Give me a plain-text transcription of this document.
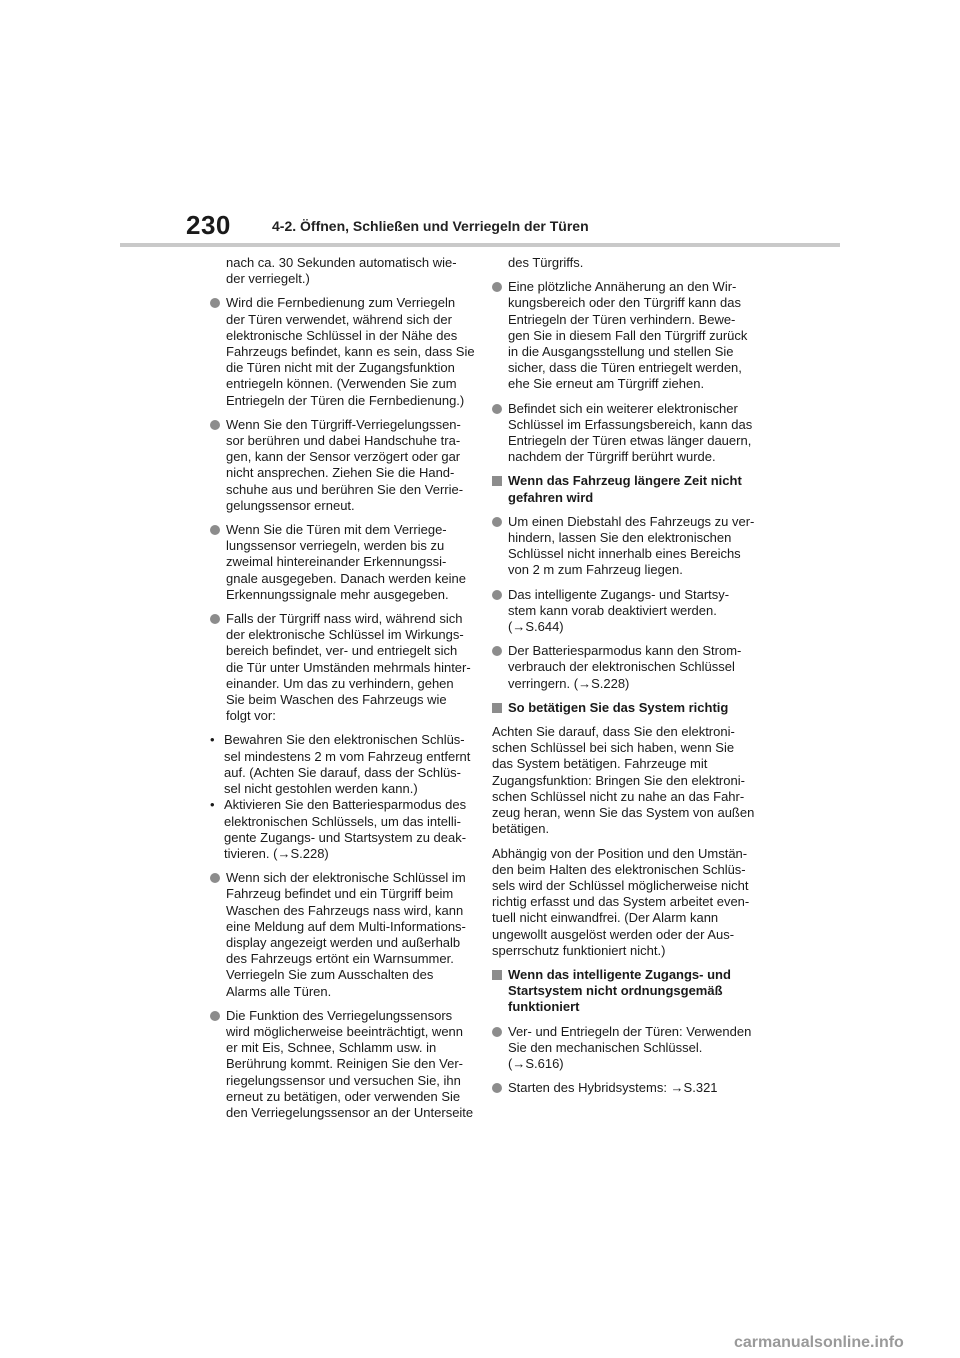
230	4-2. Öffnen, Schließen und Verriegeln der Türen
nach ca. 30 Sekunden automatisch wie-
der verriegelt.)
Wird die Fernbedienung zum Verriegeln
der Türen verwendet, während sich der
elektronische Schlüssel in der Nähe des
Fahrzeugs befindet, kann es sein, dass Sie
die Türen nicht mit der Zugangsfunktion
entriegeln können. (Verwenden Sie zum
Entriegeln der Türen die Fernbedienung.)
Wenn Sie den Türgriff-Verriegelungssen-
sor berühren und dabei Handschuhe tra-
gen, kann der Sensor verzögert oder gar
nicht ansprechen. Ziehen Sie die Hand-
schuhe aus und berühren Sie den Verrie-
gelungssensor erneut.
Wenn Sie die Türen mit dem Verriege-
lungssensor verriegeln, werden bis zu
zweimal hintereinander Erkennungssi-
gnale ausgegeben. Danach werden keine
Erkennungssignale mehr ausgegeben.
Falls der Türgriff nass wird, während sich
der elektronische Schlüssel im Wirkungs-
bereich befindet, ver- und entriegelt sich
die Tür unter Umständen mehrmals hinter-
einander. Um das zu verhindern, gehen
Sie beim Waschen des Fahrzeugs wie
folgt vor:
• Bewahren Sie den elektronischen Schlüs-
sel mindestens 2 m vom Fahrzeug entfernt
auf. (Achten Sie darauf, dass der Schlüs-
sel nicht gestohlen werden kann.)
• Aktivieren Sie den Batteriesparmodus des
elektronischen Schlüssels, um das intelli-
gente Zugangs- und Startsystem zu deak-
tivieren. (→S.228)
Wenn sich der elektronische Schlüssel im
Fahrzeug befindet und ein Türgriff beim
Waschen des Fahrzeugs nass wird, kann
eine Meldung auf dem Multi-Informations-
display angezeigt werden und außerhalb
des Fahrzeugs ertönt ein Warnsummer.
Verriegeln Sie zum Ausschalten des
Alarms alle Türen.
Die Funktion des Verriegelungssensors
wird möglicherweise beeinträchtigt, wenn
er mit Eis, Schnee, Schlamm usw. in
Berührung kommt. Reinigen Sie den Ver-
riegelungssensor und versuchen Sie, ihn
erneut zu betätigen, oder verwenden Sie
den Verriegelungssensor an der Unterseite
des Türgriffs.
Eine plötzliche Annäherung an den Wir-
kungsbereich oder den Türgriff kann das
Entriegeln der Türen verhindern. Bewe-
gen Sie in diesem Fall den Türgriff zurück
in die Ausgangsstellung und stellen Sie
sicher, dass die Türen entriegelt werden,
ehe Sie erneut am Türgriff ziehen.
Befindet sich ein weiterer elektronischer
Schlüssel im Erfassungsbereich, kann das
Entriegeln der Türen etwas länger dauern,
nachdem der Türgriff berührt wurde.
Wenn das Fahrzeug längere Zeit nicht
gefahren wird
Um einen Diebstahl des Fahrzeugs zu ver-
hindern, lassen Sie den elektronischen
Schlüssel nicht innerhalb eines Bereichs
von 2 m zum Fahrzeug liegen.
Das intelligente Zugangs- und Startsy-
stem kann vorab deaktiviert werden.
(→S.644)
Der Batteriesparmodus kann den Strom-
verbrauch der elektronischen Schlüssel
verringern. (→S.228)
So betätigen Sie das System richtig
Achten Sie darauf, dass Sie den elektroni-
schen Schlüssel bei sich haben, wenn Sie
das System betätigen. Fahrzeuge mit
Zugangsfunktion: Bringen Sie den elektroni-
schen Schlüssel nicht zu nahe an das Fahr-
zeug heran, wenn Sie das System von außen
betätigen.
Abhängig von der Position und den Umstän-
den beim Halten des elektronischen Schlüs-
sels wird der Schlüssel möglicherweise nicht
richtig erfasst und das System arbeitet even-
tuell nicht einwandfrei. (Der Alarm kann
ungewollt ausgelöst werden oder der Aus-
sperrschutz funktioniert nicht.)
Wenn das intelligente Zugangs- und
Startsystem nicht ordnungsgemäß
funktioniert
Ver- und Entriegeln der Türen: Verwenden
Sie den mechanischen Schlüssel.
(→S.616)
Starten des Hybridsystems: →S.321
carmanualsonline.info
